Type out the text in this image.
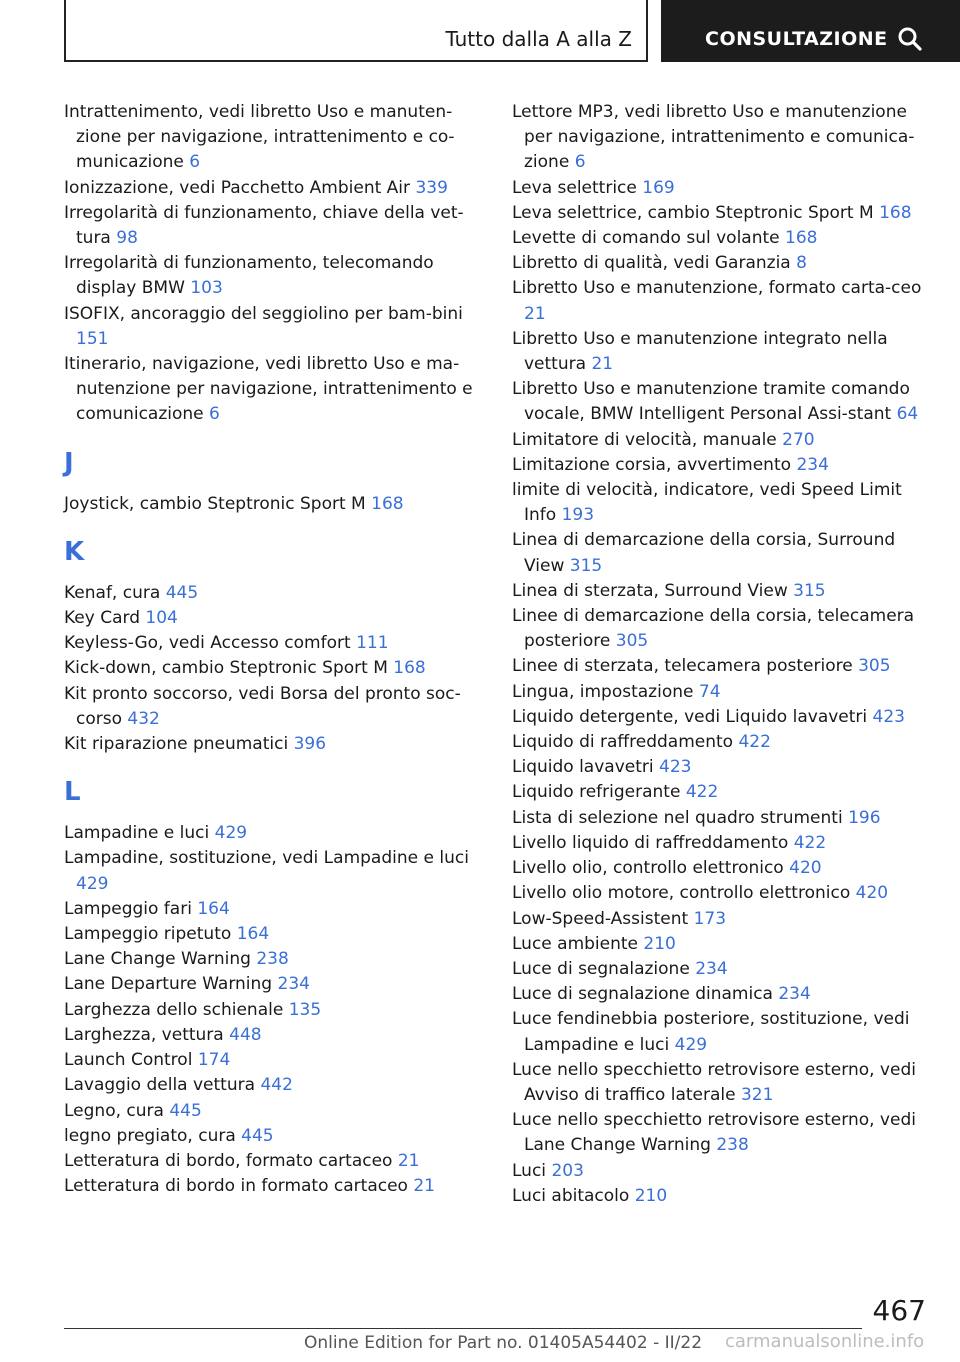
Tutto dalla A alla Z	CONSULTAZIONE

Intrattenimento, vedi libretto Uso e manuten‐zione per navigazione, intrattenimento e co‐municazione 6

Ionizzazione, vedi Pacchetto Ambient Air 339

Irregolarità di funzionamento, chiave della vet‐tura 98

Irregolarità di funzionamento, telecomando display BMW 103

ISOFIX, ancoraggio del seggiolino per bam‐bini 151

Itinerario, navigazione, vedi libretto Uso e ma‐nutenzione per navigazione, intrattenimento e comunicazione 6

J

Joystick, cambio Steptronic Sport M 168

K

Kenaf, cura 445

Key Card 104

Keyless-Go, vedi Accesso comfort 111

Kick-down, cambio Steptronic Sport M 168

Kit pronto soccorso, vedi Borsa del pronto soc‐corso 432

Kit riparazione pneumatici 396

L

Lampadine e luci 429

Lampadine, sostituzione, vedi Lampadine e luci 429

Lampeggio fari 164

Lampeggio ripetuto 164

Lane Change Warning 238

Lane Departure Warning 234

Larghezza dello schienale 135

Larghezza, vettura 448

Launch Control 174

Lavaggio della vettura 442

Legno, cura 445

legno pregiato, cura 445

Letteratura di bordo, formato cartaceo 21

Letteratura di bordo in formato cartaceo 21

Lettore MP3, vedi libretto Uso e manutenzione per navigazione, intrattenimento e comunica‐zione 6

Leva selettrice 169

Leva selettrice, cambio Steptronic Sport M 168

Levette di comando sul volante 168

Libretto di qualità, vedi Garanzia 8

Libretto Uso e manutenzione, formato carta‐ceo 21

Libretto Uso e manutenzione integrato nella vettura 21

Libretto Uso e manutenzione tramite comando vocale, BMW Intelligent Personal Assi‐stant 64

Limitatore di velocità, manuale 270

Limitazione corsia, avvertimento 234

limite di velocità, indicatore, vedi Speed Limit Info 193

Linea di demarcazione della corsia, Surround View 315

Linea di sterzata, Surround View 315

Linee di demarcazione della corsia, telecamera posteriore 305

Linee di sterzata, telecamera posteriore 305

Lingua, impostazione 74

Liquido detergente, vedi Liquido lavavetri 423

Liquido di raffreddamento 422

Liquido lavavetri 423

Liquido refrigerante 422

Lista di selezione nel quadro strumenti 196

Livello liquido di raffreddamento 422

Livello olio, controllo elettronico 420

Livello olio motore, controllo elettronico 420

Low-Speed-Assistent 173

Luce ambiente 210

Luce di segnalazione 234

Luce di segnalazione dinamica 234

Luce fendinebbia posteriore, sostituzione, vedi Lampadine e luci 429

Luce nello specchietto retrovisore esterno, vedi Avviso di traffico laterale 321

Luce nello specchietto retrovisore esterno, vedi Lane Change Warning 238

Luci 203

Luci abitacolo 210

467
Online Edition for Part no. 01405A54402 - II/22 carmanualsonline.info
